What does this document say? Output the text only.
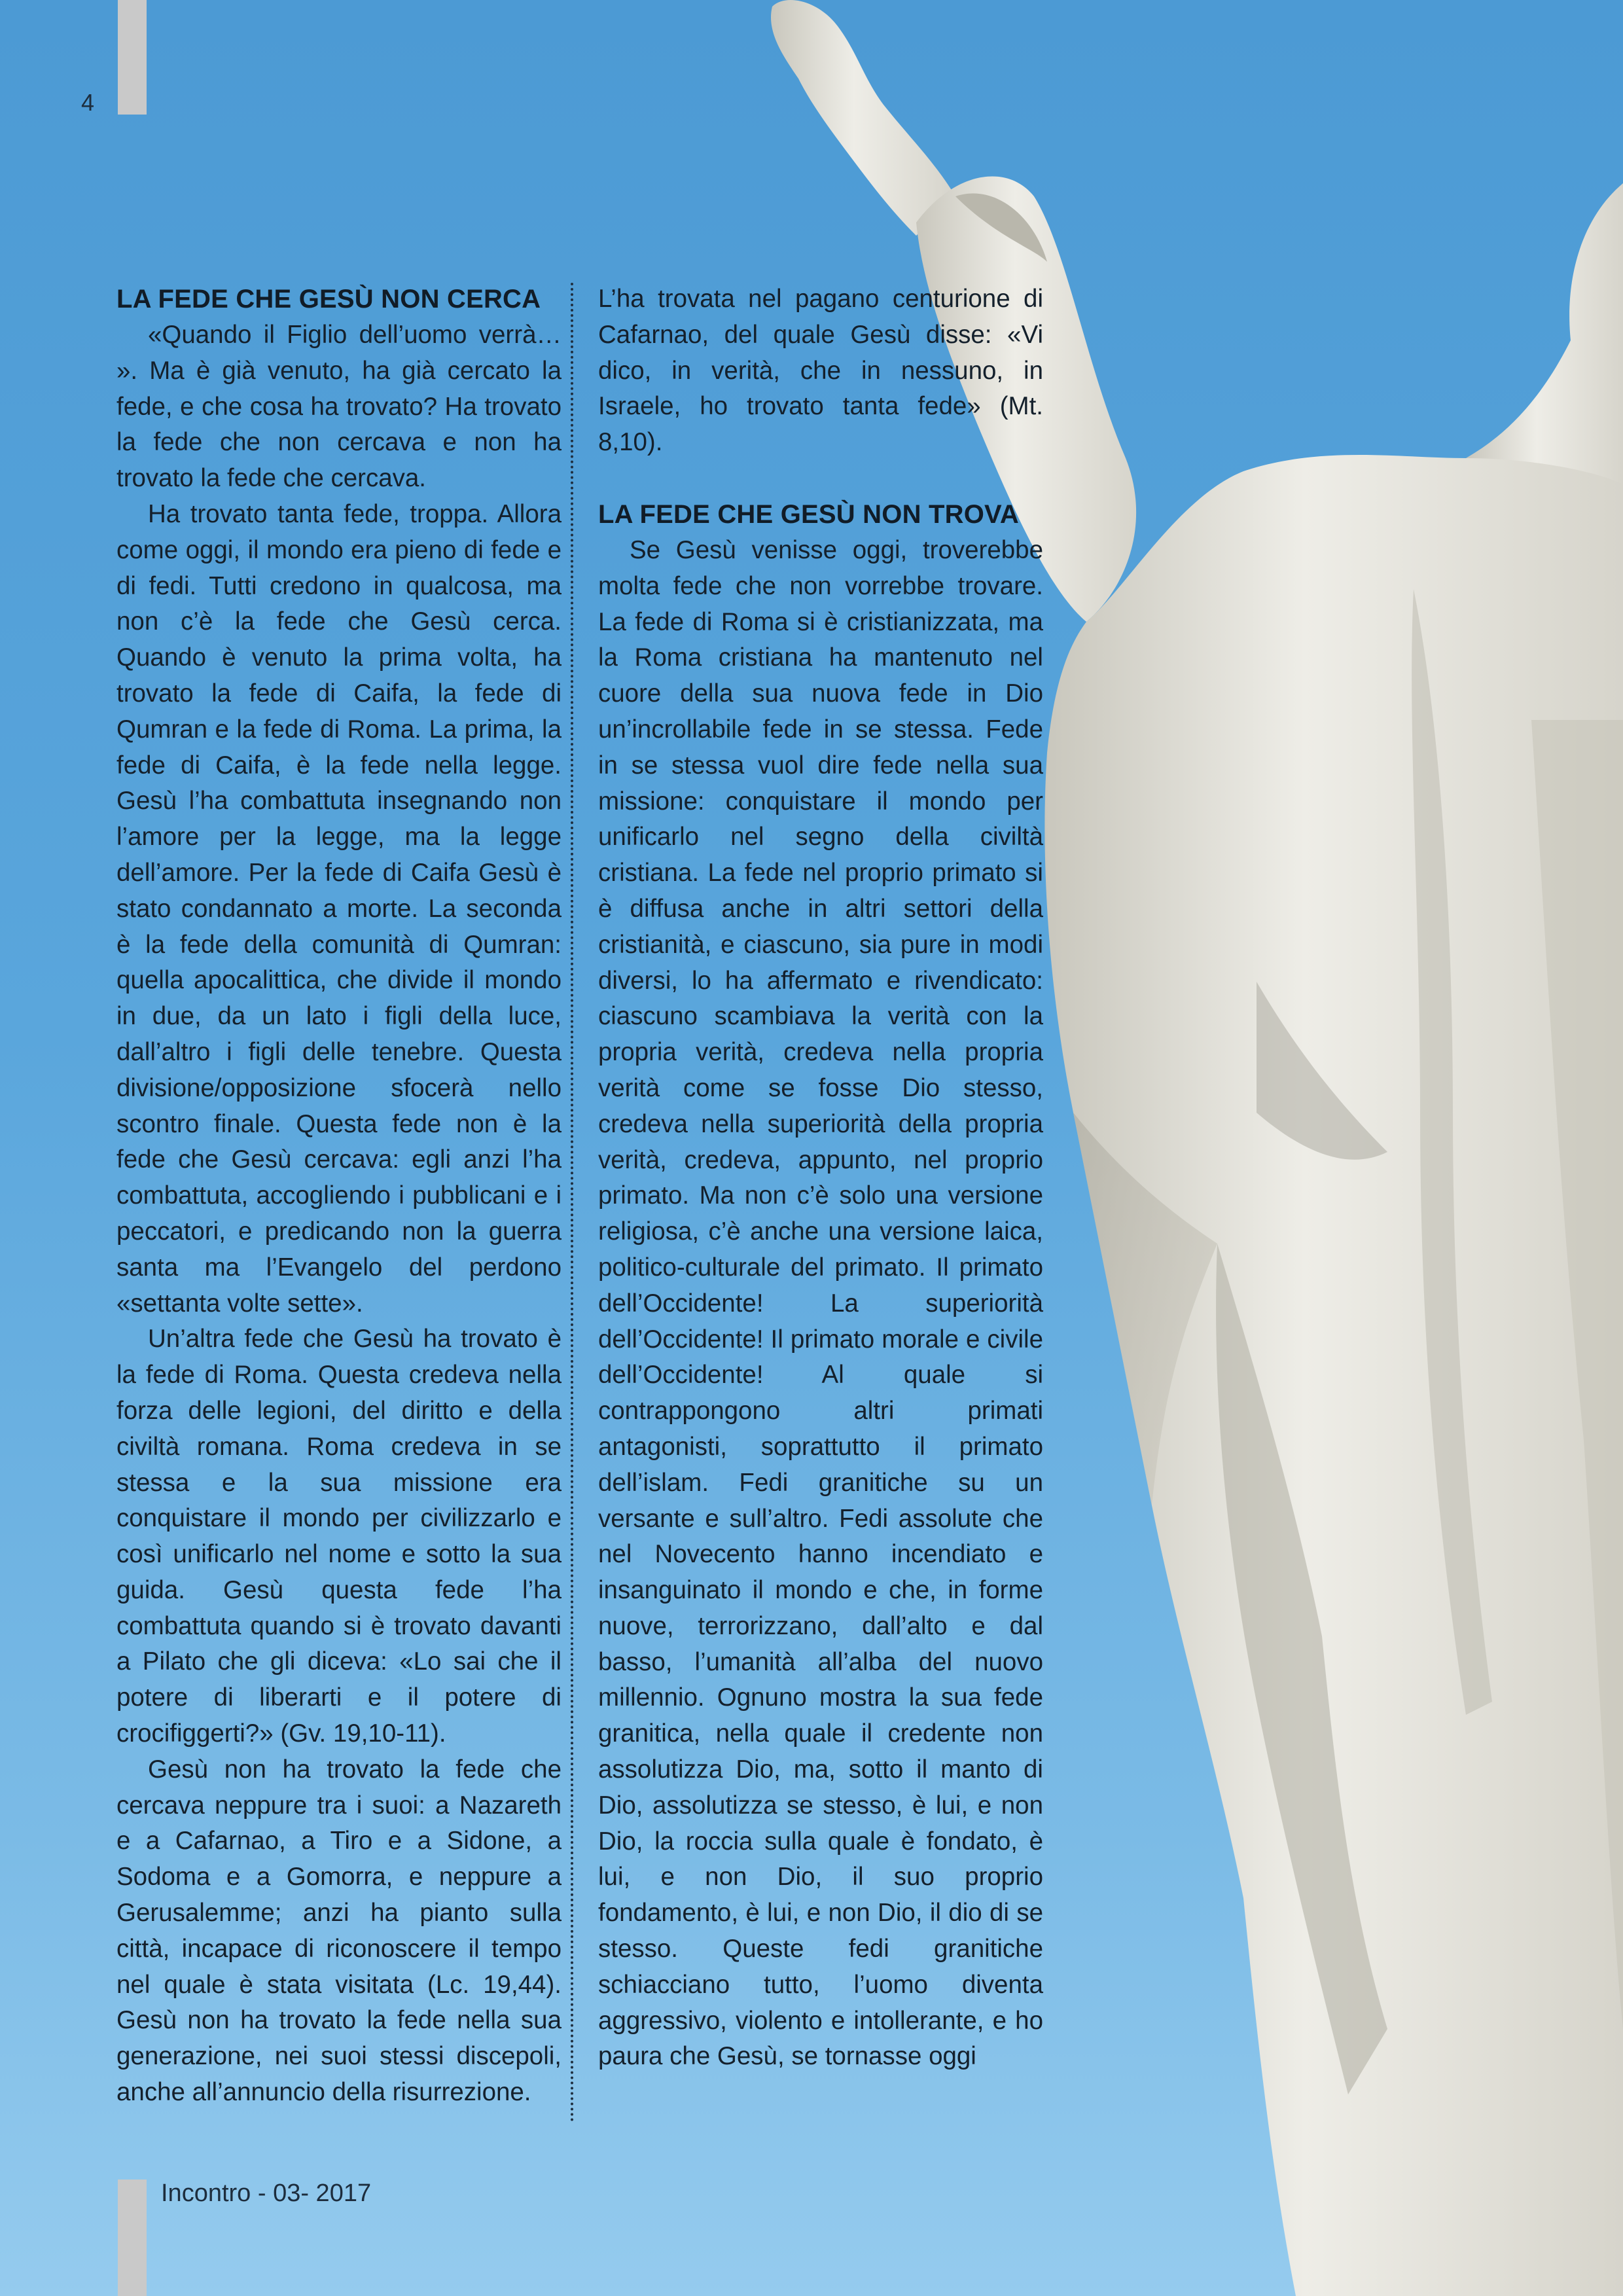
4
LA FEDE CHE GESÙ NON CERCA

«Quando il Figlio dell’uomo verrà… ». Ma è già venuto, ha già cercato la fede, e che cosa ha trovato? Ha trovato la fede che non cercava e non ha trovato la fede che cercava.

Ha trovato tanta fede, troppa. Allora come oggi, il mondo era pieno di fede e di fedi. Tutti credono in qualcosa, ma non c’è la fede che Gesù cerca. Quando è venuto la prima volta, ha trovato la fede di Caifa, la fede di Qumran e la fede di Roma. La prima, la fede di Caifa, è la fede nella legge. Gesù l’ha combattuta insegnando non l’amore per la legge, ma la legge dell’amore. Per la fede di Caifa Gesù è stato condannato a morte. La seconda è la fede della comunità di Qumran: quella apocalittica, che divide il mondo in due, da un lato i figli della luce, dall’altro i figli delle tenebre. Questa divisione/opposizione sfocerà nello scontro finale. Questa fede non è la fede che Gesù cercava: egli anzi l’ha combattuta, accogliendo i pubblicani e i peccatori, e predicando non la guerra santa ma l’Evangelo del perdono «settanta volte sette».

Un’altra fede che Gesù ha trovato è la fede di Roma. Questa credeva nella forza delle legioni, del diritto e della civiltà romana. Roma credeva in se stessa e la sua missione era conquistare il mondo per civilizzarlo e così unificarlo nel nome e sotto la sua guida. Gesù questa fede l’ha combattuta quando si è trovato davanti a Pilato che gli diceva: «Lo sai che il potere di liberarti e il potere di crocifiggerti?» (Gv. 19,10-11).

Gesù non ha trovato la fede che cercava neppure tra i suoi: a Nazareth e a Cafarnao, a Tiro e a Sidone, a Sodoma e a Gomorra, e neppure a Gerusalemme; anzi ha pianto sulla città, incapace di riconoscere il tempo nel quale è stata visitata (Lc. 19,44). Gesù non ha trovato la fede nella sua generazione, nei suoi stessi discepoli, anche all’annuncio della risurrezione.

L’ha trovata nel pagano centurione di Cafarnao, del quale Gesù disse: «Vi dico, in verità, che in nessuno, in Israele, ho trovato tanta fede» (Mt. 8,10).

LA FEDE CHE GESÙ NON TROVA

Se Gesù venisse oggi, troverebbe molta fede che non vorrebbe trovare. La fede di Roma si è cristianizzata, ma la Roma cristiana ha mantenuto nel cuore della sua nuova fede in Dio un’incrollabile fede in se stessa. Fede in se stessa vuol dire fede nella sua missione: conquistare il mondo per unificarlo nel segno della civiltà cristiana. La fede nel proprio primato si è diffusa anche in altri settori della cristianità, e ciascuno, sia pure in modi diversi, lo ha affermato e rivendicato: ciascuno scambiava la verità con la propria verità, credeva nella propria verità come se fosse Dio stesso, credeva nella superiorità della propria verità, credeva, appunto, nel proprio primato. Ma non c’è solo una versione religiosa, c’è anche una versione laica, politico-culturale del primato. Il primato dell’Occidente! La superiorità dell’Occidente! Il primato morale e civile dell’Occidente! Al quale si contrappongono altri primati antagonisti, soprattutto il primato dell’islam. Fedi granitiche su un versante e sull’altro. Fedi assolute che nel Novecento hanno incendiato e insanguinato il mondo e che, in forme nuove, terrorizzano, dall’alto e dal basso, l’umanità all’alba del nuovo millennio. Ognuno mostra la sua fede granitica, nella quale il credente non assolutizza Dio, ma, sotto il manto di Dio, assolutizza se stesso, è lui, e non Dio, la roccia sulla quale è fondato, è lui, e non Dio, il suo proprio fondamento, è lui, e non Dio, il dio di se stesso. Queste fedi granitiche schiacciano tutto, l’uomo diventa aggressivo, violento e intollerante, e ho paura che Gesù, se tornasse oggi

Incontro - 03- 2017
